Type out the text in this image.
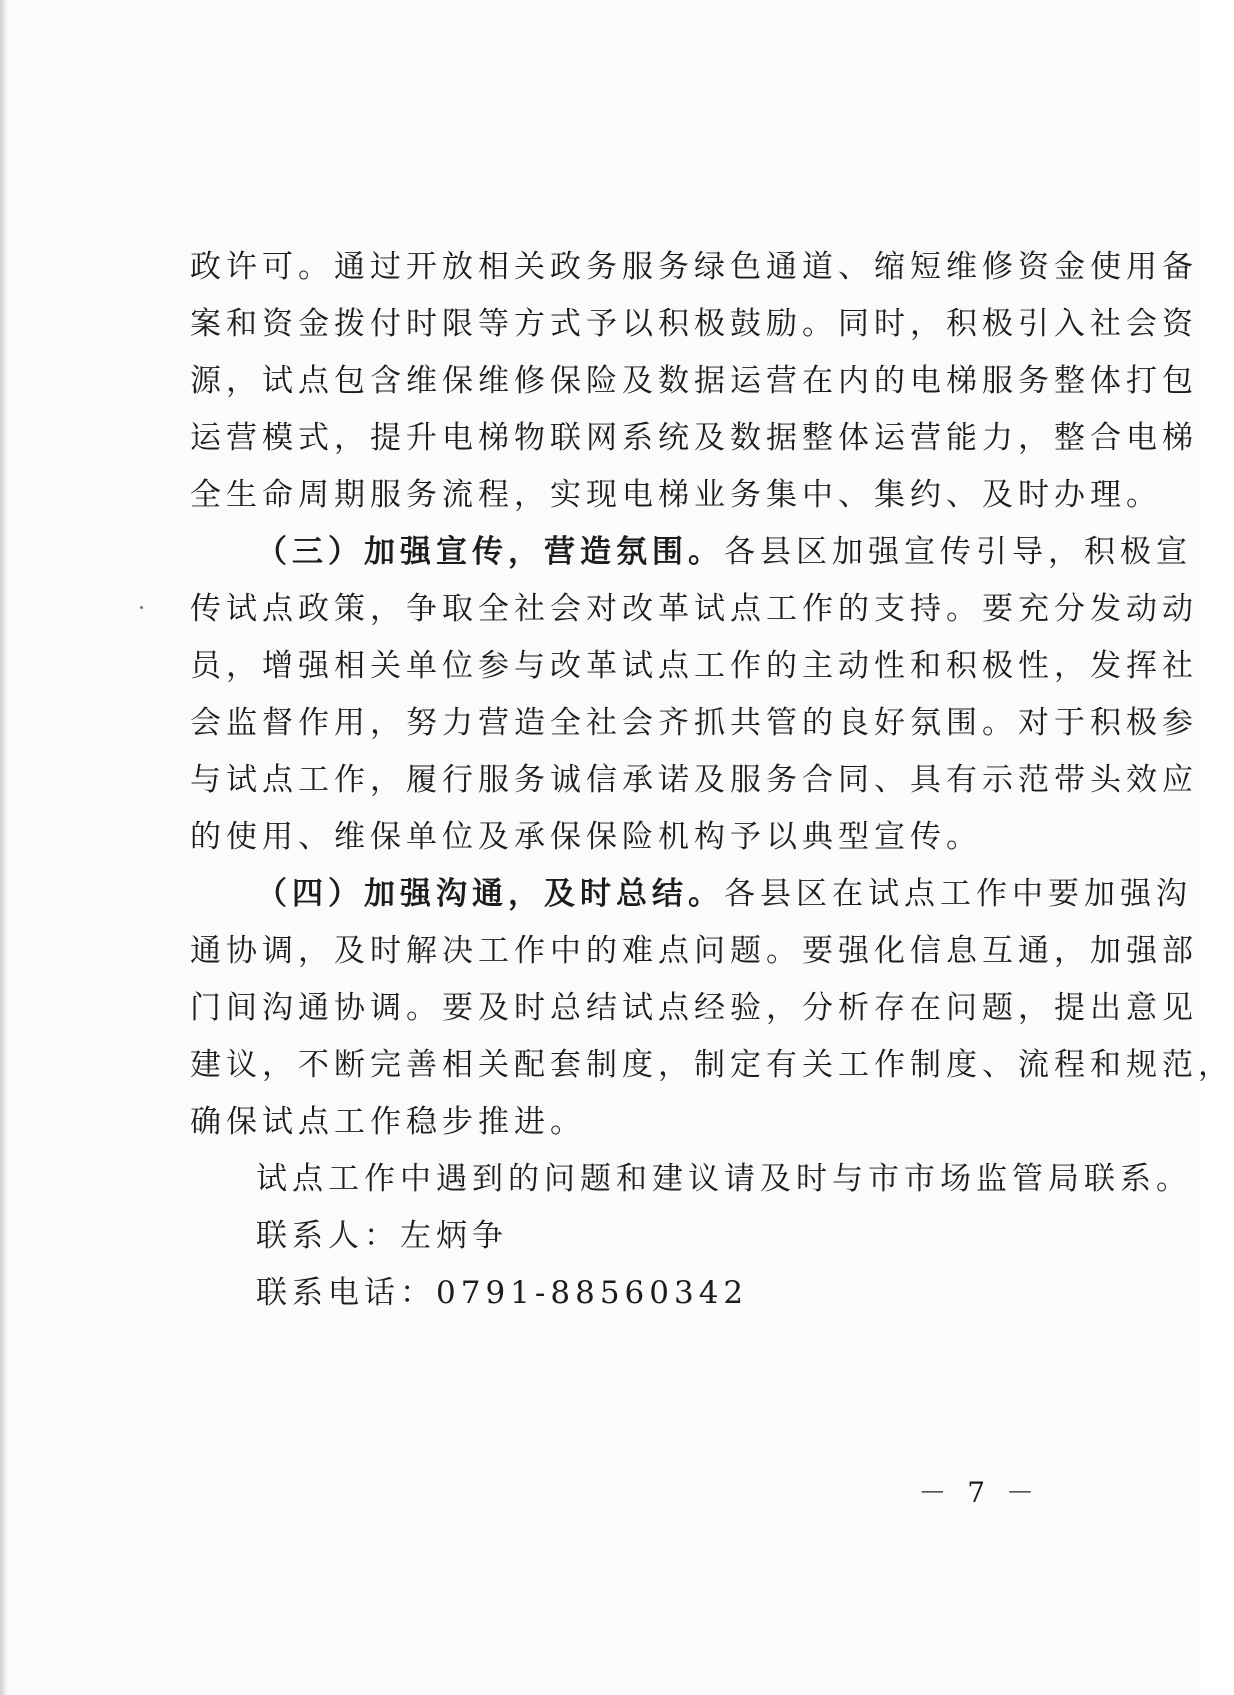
政许可。通过开放相关政务服务绿色通道、缩短维修资金使用备
案和资金拨付时限等方式予以积极鼓励。同时，积极引入社会资
源，试点包含维保维修保险及数据运营在内的电梯服务整体打包
运营模式，提升电梯物联网系统及数据整体运营能力，整合电梯
全生命周期服务流程，实现电梯业务集中、集约、及时办理。
（三）加强宣传，营造氛围。各县区加强宣传引导，积极宣
传试点政策，争取全社会对改革试点工作的支持。要充分发动动
员，增强相关单位参与改革试点工作的主动性和积极性，发挥社
会监督作用，努力营造全社会齐抓共管的良好氛围。对于积极参
与试点工作，履行服务诚信承诺及服务合同、具有示范带头效应
的使用、维保单位及承保保险机构予以典型宣传。
（四）加强沟通，及时总结。各县区在试点工作中要加强沟
通协调，及时解决工作中的难点问题。要强化信息互通，加强部
门间沟通协调。要及时总结试点经验，分析存在问题，提出意见
建议，不断完善相关配套制度，制定有关工作制度、流程和规范，
确保试点工作稳步推进。
试点工作中遇到的问题和建议请及时与市市场监管局联系。
联系人：左炳争
联系电话：0791-88560342
－ 7 －
